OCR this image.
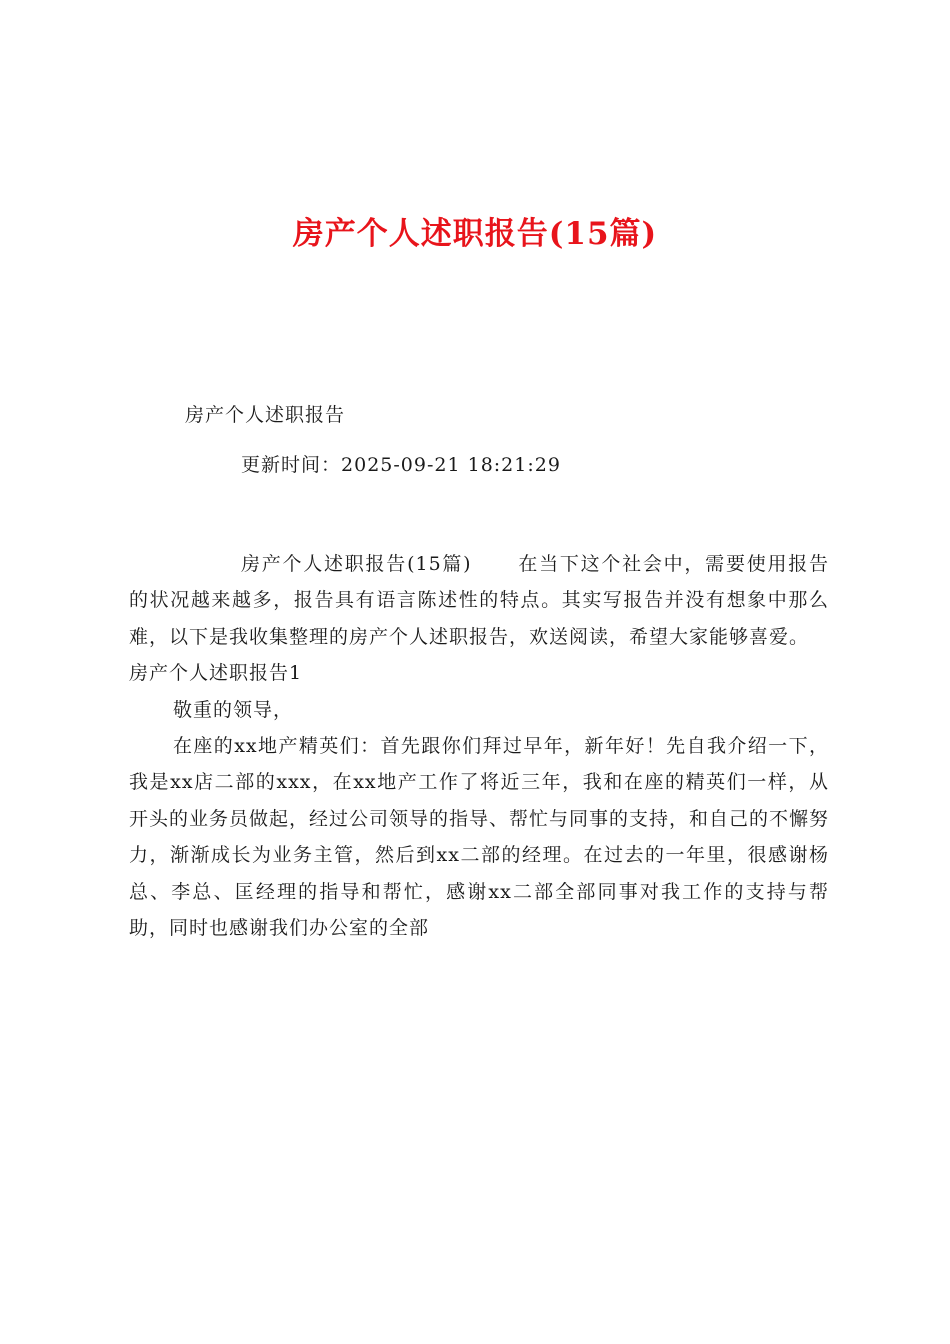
房产个人述职报告(15篇)
房产个人述职报告
更新时间：2025-09-21 18:21:29

房产个人述职报告(15篇) 在当下这个社会中，需要使用报告的状况越来越多，报告具有语言陈述性的特点。其实写报告并没有想象中那么难，以下是我收集整理的房产个人述职报告，欢送阅读，希望大家能够喜爱。

房产个人述职报告1

敬重的领导，

在座的xx地产精英们：首先跟你们拜过早年，新年好！先自我介绍一下，我是xx店二部的xxx，在xx地产工作了将近三年，我和在座的精英们一样，从开头的业务员做起，经过公司领导的指导、帮忙与同事的支持，和自己的不懈努力，渐渐成长为业务主管，然后到xx二部的经理。在过去的一年里，很感谢杨总、李总、匡经理的指导和帮忙，感谢xx二部全部同事对我工作的支持与帮助，同时也感谢我们办公室的全部
